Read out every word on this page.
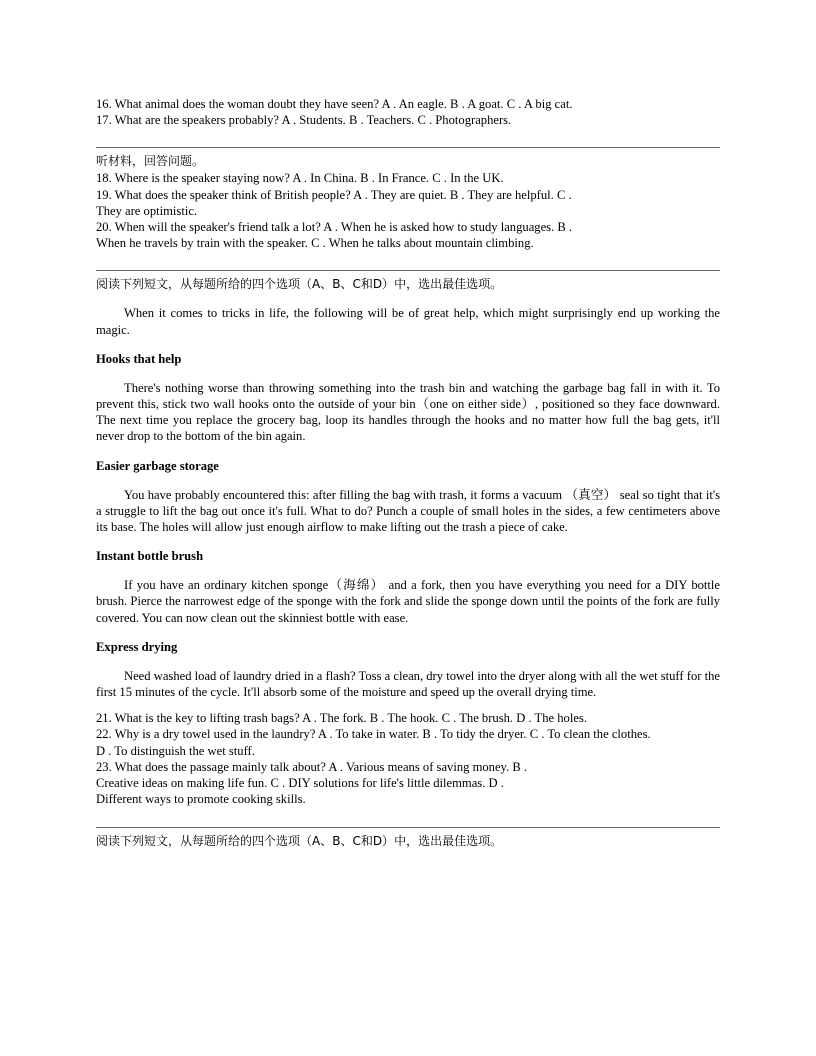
16. What animal does the woman doubt they have seen? A . An eagle. B . A goat. C . A big cat.

17. What are the speakers probably? A . Students. B . Teachers. C . Photographers.

听材料，回答问题。

18. Where is the speaker staying now? A . In China. B . In France. C . In the UK.

19. What does the speaker think of British people? A . They are quiet. B . They are helpful. C .

They are optimistic.

20. When will the speaker's friend talk a lot? A . When he is asked how to study languages. B .

When he travels by train with the speaker. C . When he talks about mountain climbing.

阅读下列短文，从每题所给的四个选项（A、B、C和D）中，选出最佳选项。

When it comes to tricks in life, the following will be of great help, which might surprisingly end up working the magic.

Hooks that help

There's nothing worse than throwing something into the trash bin and watching the garbage bag fall in with it. To prevent this, stick two wall hooks onto the outside of your bin（one on either side）, positioned so they face downward. The next time you replace the grocery bag, loop its handles through the hooks and no matter how full the bag gets, it'll never drop to the bottom of the bin again.

Easier garbage storage

You have probably encountered this: after filling the bag with trash, it forms a vacuum （真空） seal so tight that it's a struggle to lift the bag out once it's full. What to do? Punch a couple of small holes in the sides, a few centimeters above its base. The holes will allow just enough airflow to make lifting out the trash a piece of cake.

Instant bottle brush

If you have an ordinary kitchen sponge（海绵） and a fork, then you have everything you need for a DIY bottle brush. Pierce the narrowest edge of the sponge with the fork and slide the sponge down until the points of the fork are fully covered. You can now clean out the skinniest bottle with ease.

Express drying

Need washed load of laundry dried in a flash? Toss a clean, dry towel into the dryer along with all the wet stuff for the first 15 minutes of the cycle. It'll absorb some of the moisture and speed up the overall drying time.

21. What is the key to lifting trash bags? A . The fork. B . The hook. C . The brush. D . The holes.

22. Why is a dry towel used in the laundry? A . To take in water. B . To tidy the dryer. C . To clean the clothes.

D . To distinguish the wet stuff.

23. What does the passage mainly talk about? A . Various means of saving money. B .

Creative ideas on making life fun. C . DIY solutions for life's little dilemmas. D .

Different ways to promote cooking skills.

阅读下列短文，从每题所给的四个选项（A、B、C和D）中，选出最佳选项。
